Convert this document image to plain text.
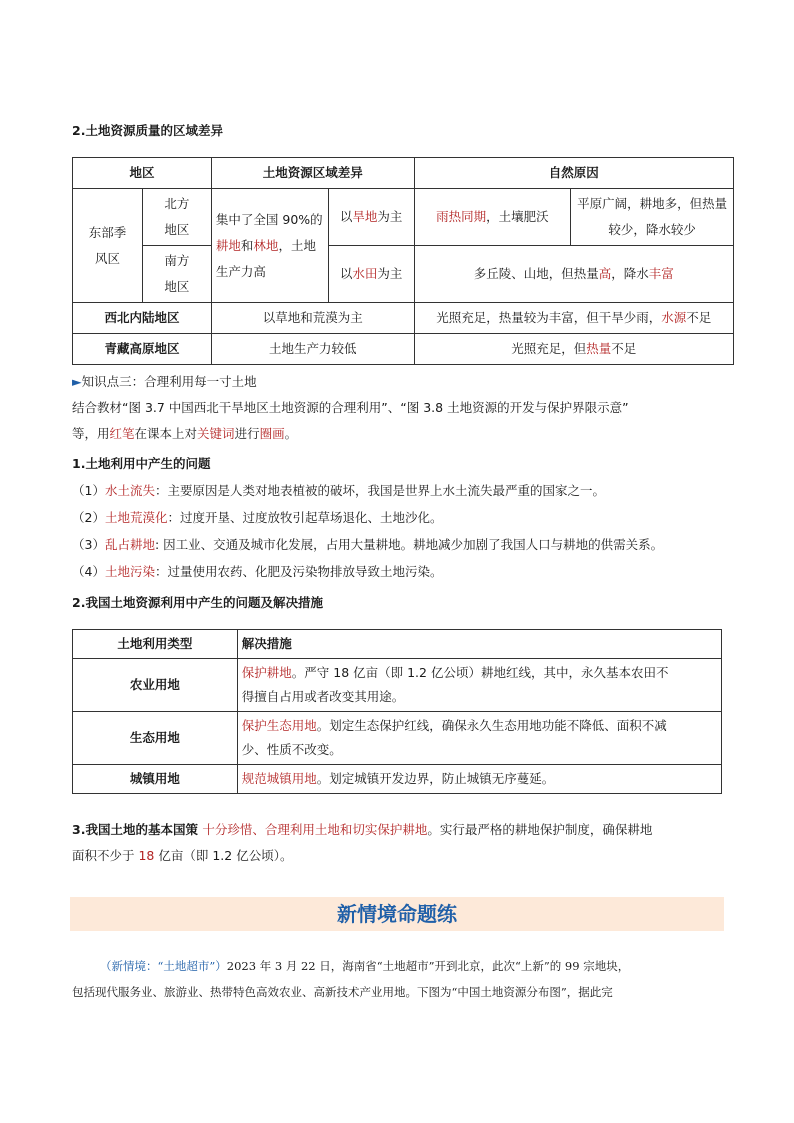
2.土地资源质量的区域差异
地区		土地资源区域差异		自然原因	
东部季风区	北方地区	集中了全国 90%的耕地和林地，土地生产力高	以旱地为主	雨热同期，土壤肥沃	平原广阔，耕地多，但热量较少，降水较少
	南方地区		以水田为主	多丘陵、山地，但热量高，降水丰富	
西北内陆地区		以草地和荒漠为主		光照充足，热量较为丰富，但干旱少雨，水源不足	
青藏高原地区		土地生产力较低		光照充足，但热量不足	
►知识点三：合理利用每一寸土地
结合教材“图 3.7 中国西北干旱地区土地资源的合理利用”、“图 3.8 土地资源的开发与保护界限示意”
等，用红笔在课本上对关键词进行圈画。
1.土地利用中产生的问题
（1）水土流失：主要原因是人类对地表植被的破坏，我国是世界上水土流失最严重的国家之一。
（2）土地荒漠化：过度开垦、过度放牧引起草场退化、土地沙化。
（3）乱占耕地: 因工业、交通及城市化发展，占用大量耕地。耕地减少加剧了我国人口与耕地的供需关系。
（4）土地污染：过量使用农药、化肥及污染物排放导致土地污染。
2.我国土地资源利用中产生的问题及解决措施
土地利用类型	解决措施
农业用地	保护耕地。严守 18 亿亩（即 1.2 亿公顷）耕地红线，其中，永久基本农田不
得擅自占用或者改变其用途。
生态用地	保护生态用地。划定生态保护红线，确保永久生态用地功能不降低、面积不减
少、性质不改变。
城镇用地	规范城镇用地。划定城镇开发边界，防止城镇无序蔓延。
3.我国土地的基本国策 十分珍惜、合理利用土地和切实保护耕地。实行最严格的耕地保护制度，确保耕地
面积不少于 18 亿亩（即 1.2 亿公顷）。
新情境命题练
（新情境：“土地超市”）2023 年 3 月 22 日，海南省“土地超市”开到北京，此次“上新”的 99 宗地块，
包括现代服务业、旅游业、热带特色高效农业、高新技术产业用地。下图为“中国土地资源分布图”，据此完
